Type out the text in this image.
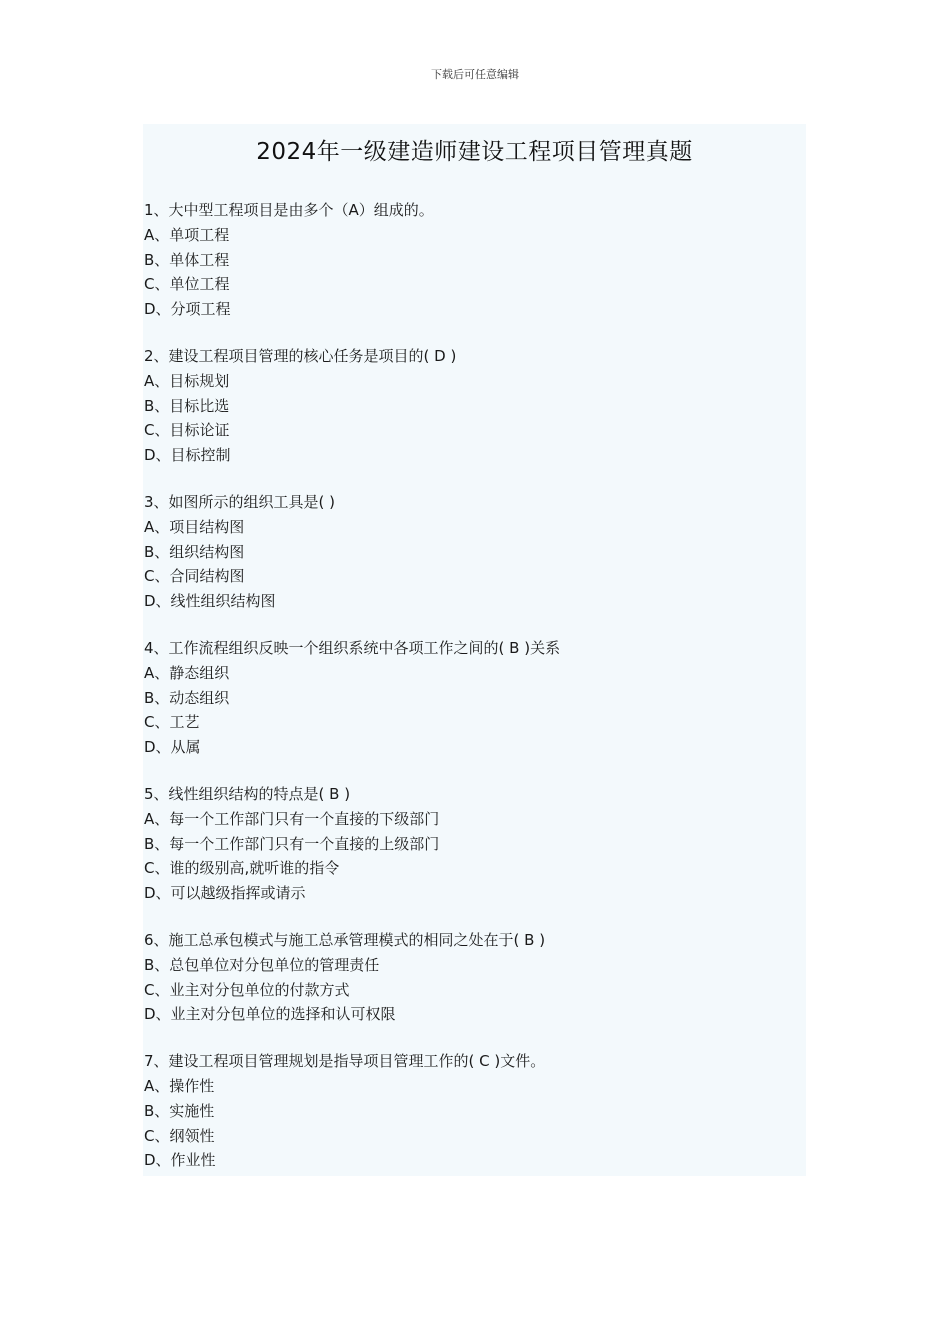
下载后可任意编辑
2024年一级建造师建设工程项目管理真题
1、大中型工程项目是由多个（A）组成的。
A、单项工程
B、单体工程
C、单位工程
D、分项工程
2、建设工程项目管理的核心任务是项目的( D )
A、目标规划
B、目标比选
C、目标论证
D、目标控制
3、如图所示的组织工具是( )
A、项目结构图
B、组织结构图
C、合同结构图
D、线性组织结构图
4、工作流程组织反映一个组织系统中各项工作之间的( B )关系
A、静态组织
B、动态组织
C、工艺
D、从属
5、线性组织结构的特点是( B )
A、每一个工作部门只有一个直接的下级部门
B、每一个工作部门只有一个直接的上级部门
C、谁的级别高,就听谁的指令
D、可以越级指挥或请示
6、施工总承包模式与施工总承管理模式的相同之处在于( B )
B、总包单位对分包单位的管理责任
C、业主对分包单位的付款方式
D、业主对分包单位的选择和认可权限
7、建设工程项目管理规划是指导项目管理工作的( C )文件。
A、操作性
B、实施性
C、纲领性
D、作业性
